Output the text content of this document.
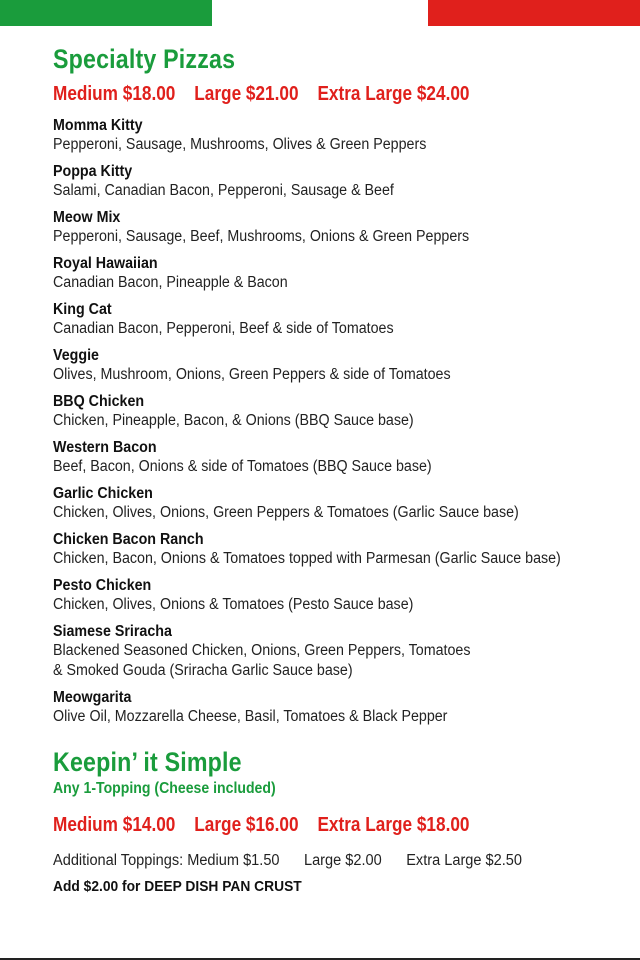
Specialty Pizzas
Medium $18.00 Large $21.00 Extra Large $24.00
Momma Kitty
Pepperoni, Sausage, Mushrooms, Olives & Green Peppers
Poppa Kitty
Salami, Canadian Bacon, Pepperoni, Sausage & Beef
Meow Mix
Pepperoni, Sausage, Beef, Mushrooms, Onions & Green Peppers
Royal Hawaiian
Canadian Bacon, Pineapple & Bacon
King Cat
Canadian Bacon, Pepperoni, Beef & side of Tomatoes
Veggie
Olives, Mushroom, Onions, Green Peppers & side of Tomatoes
BBQ Chicken
Chicken, Pineapple, Bacon, & Onions (BBQ Sauce base)
Western Bacon
Beef, Bacon, Onions & side of Tomatoes (BBQ Sauce base)
Garlic Chicken
Chicken, Olives, Onions, Green Peppers & Tomatoes (Garlic Sauce base)
Chicken Bacon Ranch
Chicken, Bacon, Onions & Tomatoes topped with Parmesan (Garlic Sauce base)
Pesto Chicken
Chicken, Olives, Onions & Tomatoes (Pesto Sauce base)
Siamese Sriracha
Blackened Seasoned Chicken, Onions, Green Peppers, Tomatoes
& Smoked Gouda (Sriracha Garlic Sauce base)
Meowgarita
Olive Oil, Mozzarella Cheese, Basil, Tomatoes & Black Pepper
Keepin’ it Simple
Any 1-Topping (Cheese included)
Medium $14.00 Large $16.00 Extra Large $18.00
Additional Toppings: Medium $1.50 Large $2.00 Extra Large $2.50
Add $2.00 for DEEP DISH PAN CRUST
